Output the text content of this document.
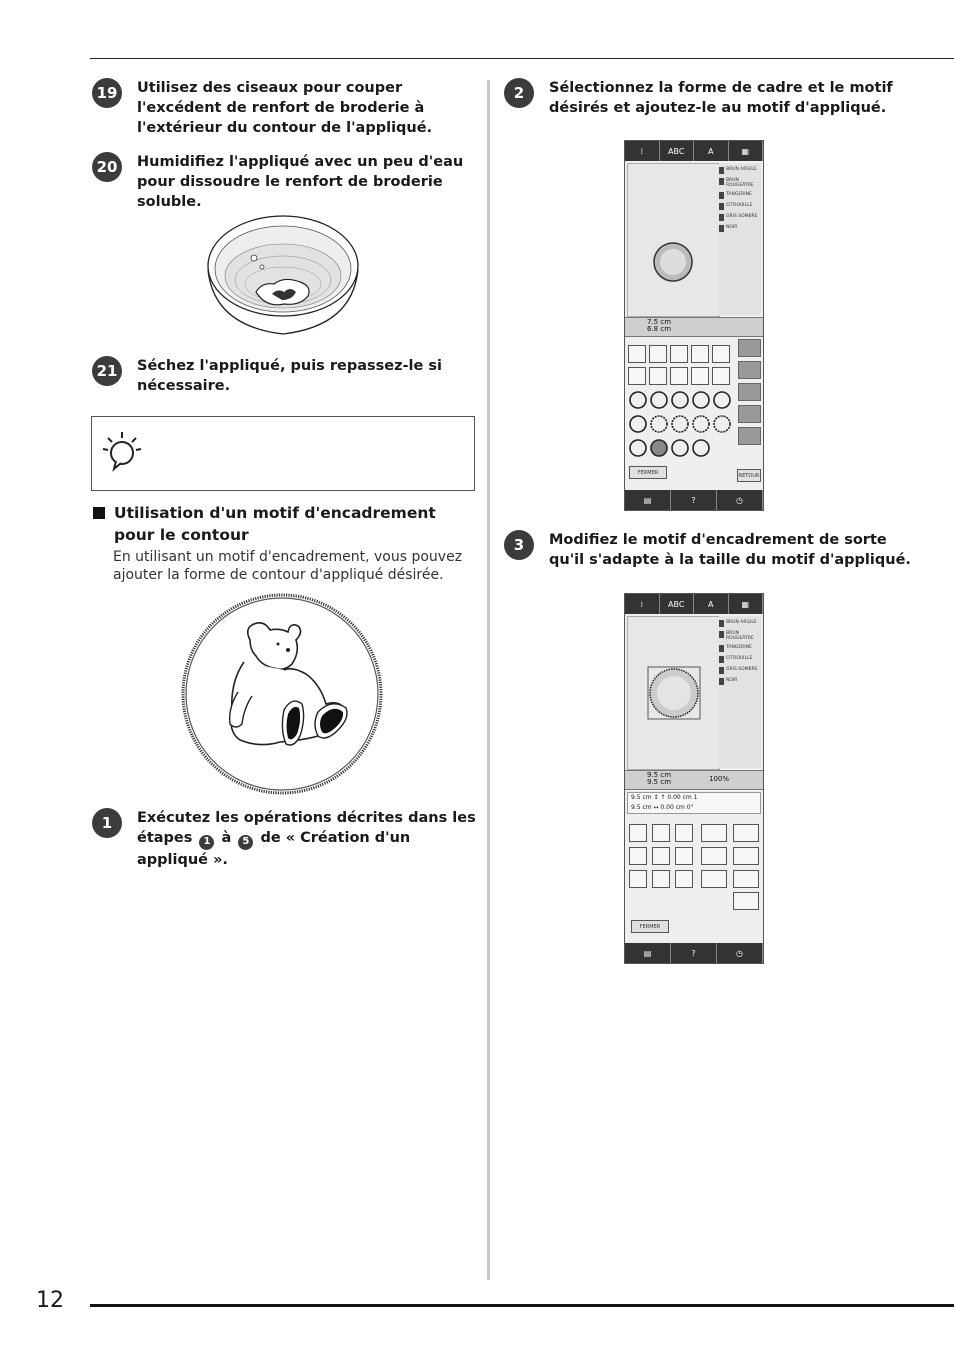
19	Utilisez des ciseaux pour couper l'excédent de renfort de broderie à l'extérieur du contour de l'appliqué.
20	Humidifiez l'appliqué avec un peu d'eau pour dissoudre le renfort de broderie soluble.
21	Séchez l'appliqué, puis repassez-le si nécessaire.
Utilisation d'un motif d'encadrement pour le contour
En utilisant un motif d'encadrement, vous pouvez ajouter la forme de contour d'appliqué désirée.
1	Exécutez les opérations décrites dans les étapes 1 à 5 de « Création d'un appliqué ».
2	Sélectionnez la forme de cadre et le motif désirés et ajoutez-le au motif d'appliqué.
⁞	ABC	A	▦
BRUN ARGILE
BRUN ROUGEÂTRE
TANGERINE
CITROUILLE
GRIS SOMBRE
NOIR
7.5 cm
6.8 cm
FERMER	RETOUR
▤	?	◷
3	Modifiez le motif d'encadrement de sorte qu'il s'adapte à la taille du motif d'appliqué.
⁞	ABC	A	▦
BRUN ARGILE
BRUN ROUGEÂTRE
TANGERINE
CITROUILLE
GRIS SOMBRE
NOIR
9.5 cm
9.5 cm	100%
9.5 cm ↕ ↑ 0.00 cm 1
9.5 cm ↔ 0.00 cm 0°
FERMER
▤	?	◷
12
